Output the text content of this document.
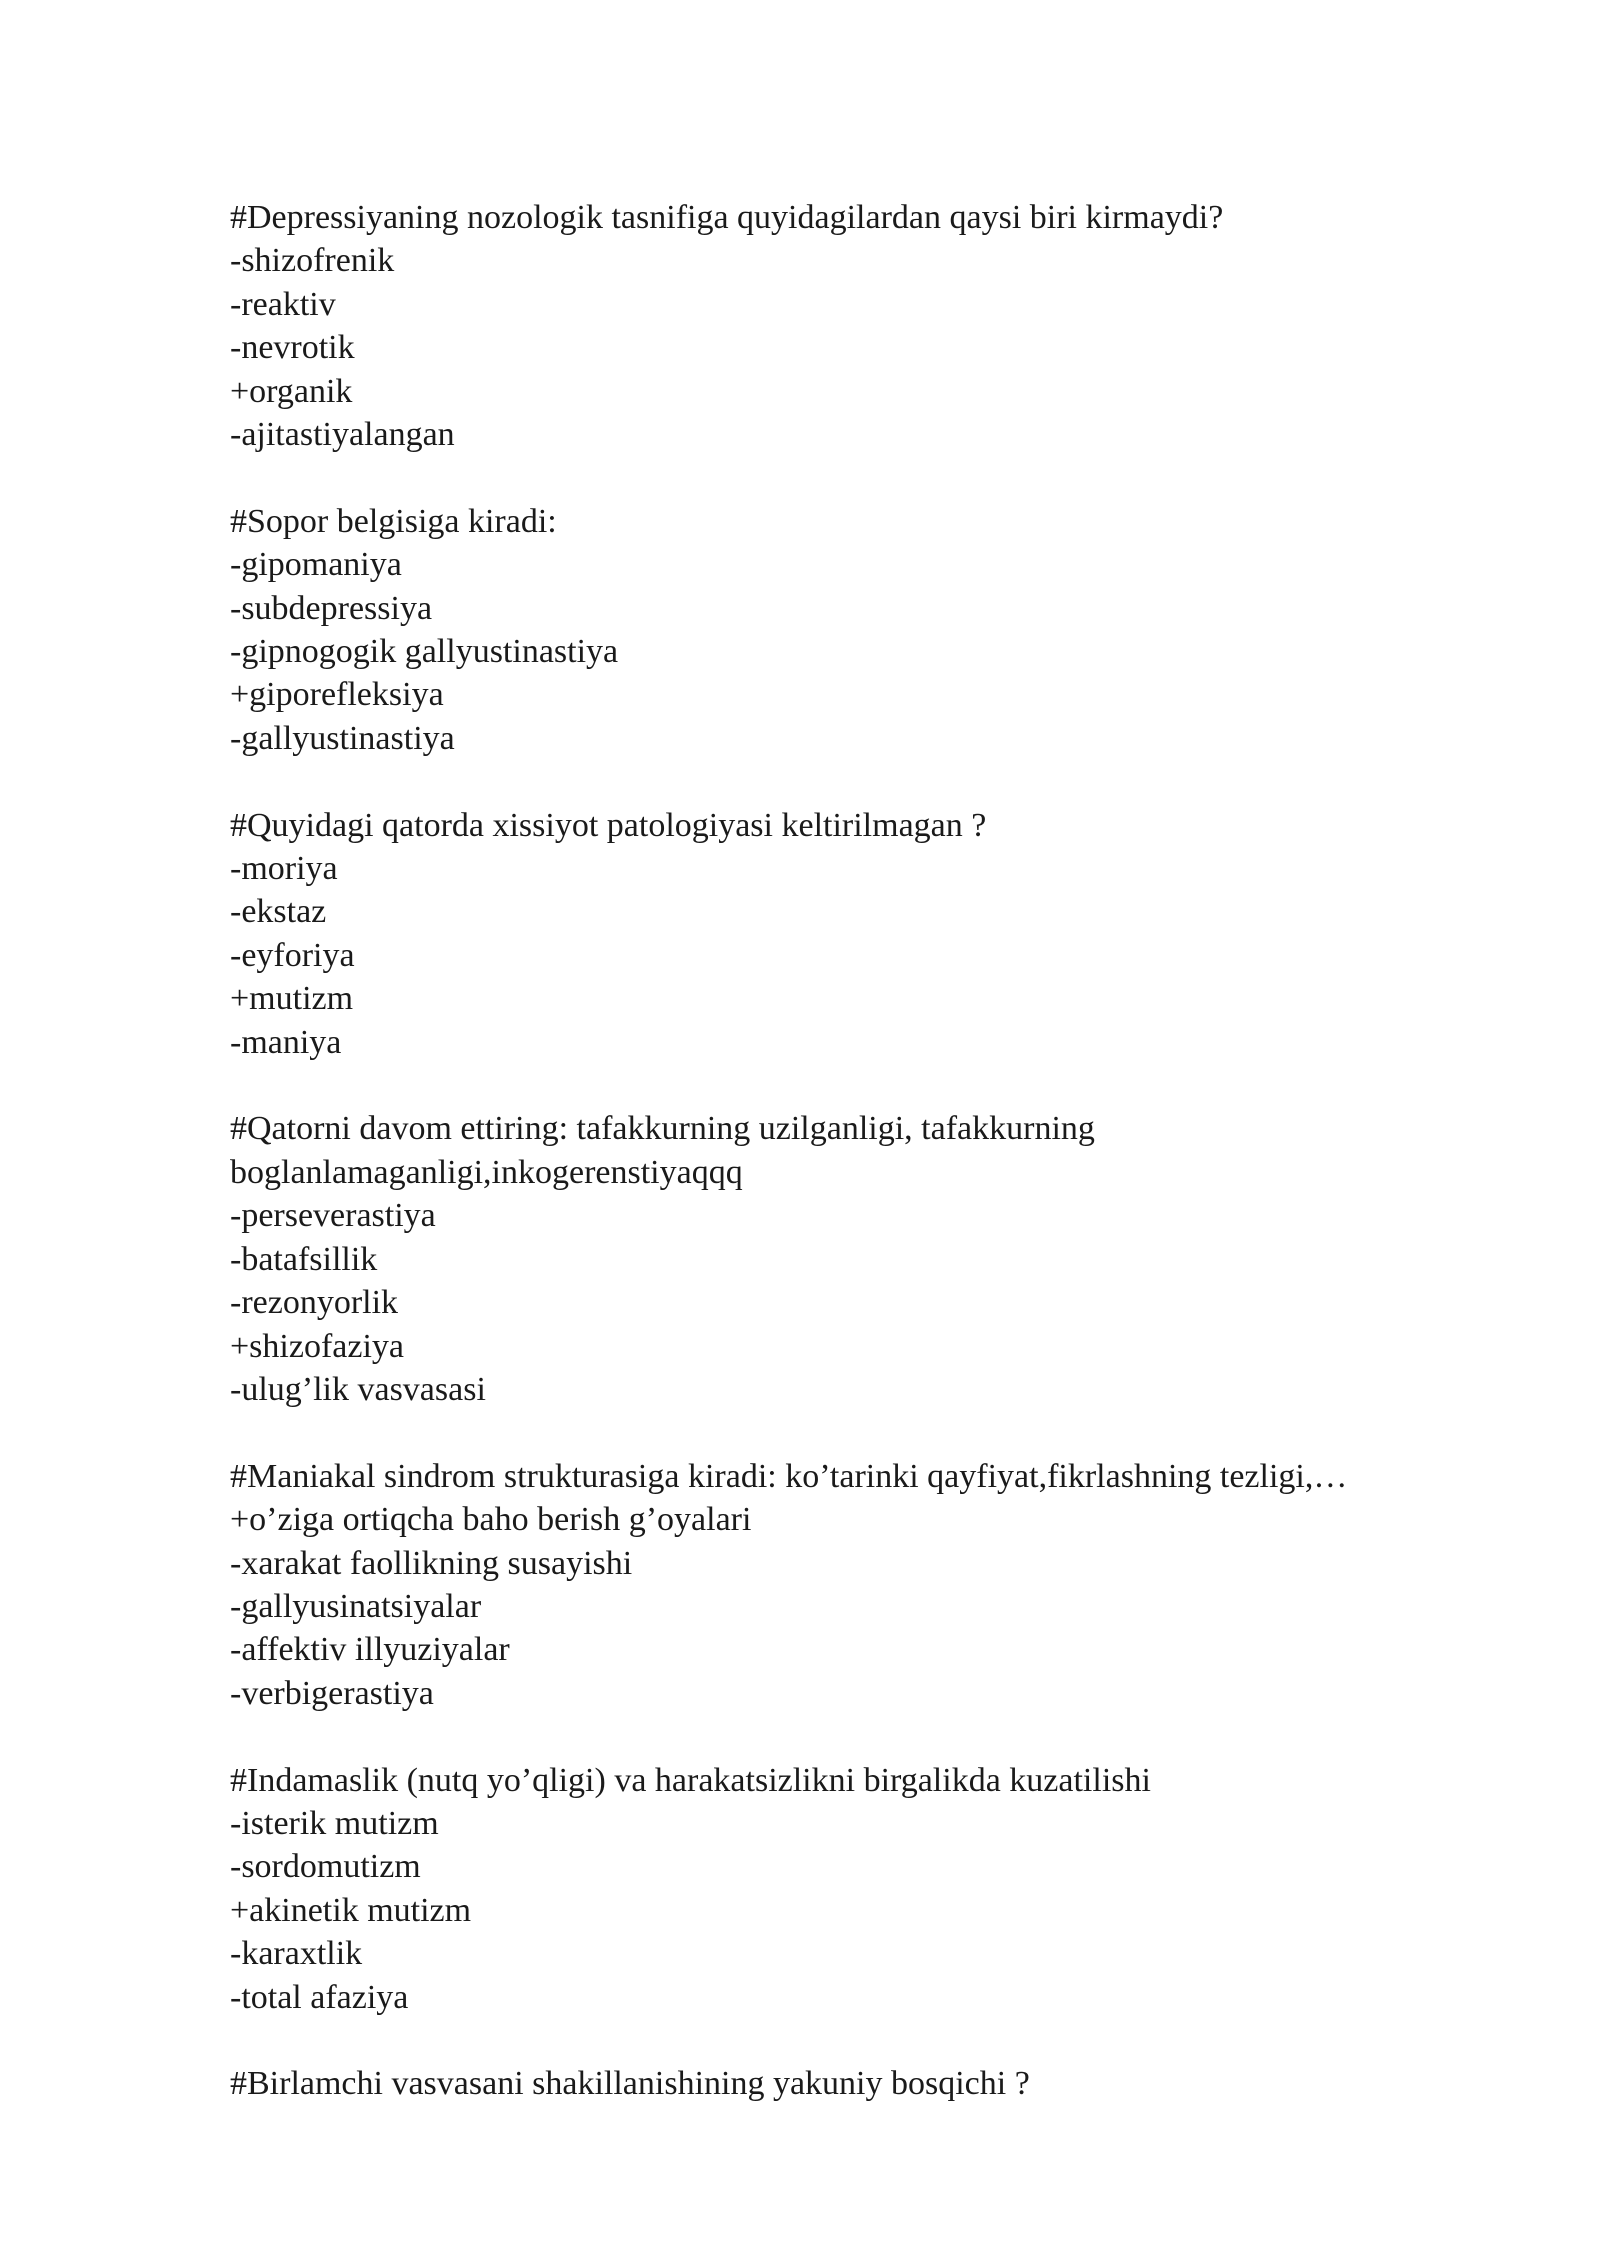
#Depressiyaning nozologik tasnifiga quyidagilardan qaysi biri kirmaydi?
-shizofrenik
-reaktiv
-nevrotik
+organik
-ajitastiyalangan
#Sopor belgisiga kiradi:
-gipomaniya
-subdepressiya
-gipnogogik gallyustinastiya
+giporefleksiya
-gallyustinastiya
#Quyidagi qatorda xissiyot patologiyasi keltirilmagan ?
-moriya
-ekstaz
-eyforiya
+mutizm
-maniya
#Qatorni davom ettiring: tafakkurning uzilganligi, tafakkurning
boglanlamaganligi,inkogerenstiyaqqq
-perseverastiya
-batafsillik
-rezonyorlik
+shizofaziya
-ulug’lik vasvasasi
#Maniakal sindrom strukturasiga kiradi: ko’tarinki qayfiyat,fikrlashning tezligi,…
+o’ziga ortiqcha baho berish g’oyalari
-xarakat faollikning susayishi
-gallyusinatsiyalar
-affektiv illyuziyalar
-verbigerastiya
#Indamaslik (nutq yo’qligi) va harakatsizlikni birgalikda kuzatilishi
-isterik mutizm
-sordomutizm
+akinetik mutizm
-karaxtlik
-total afaziya
#Birlamchi vasvasani shakillanishining yakuniy bosqichi ?
